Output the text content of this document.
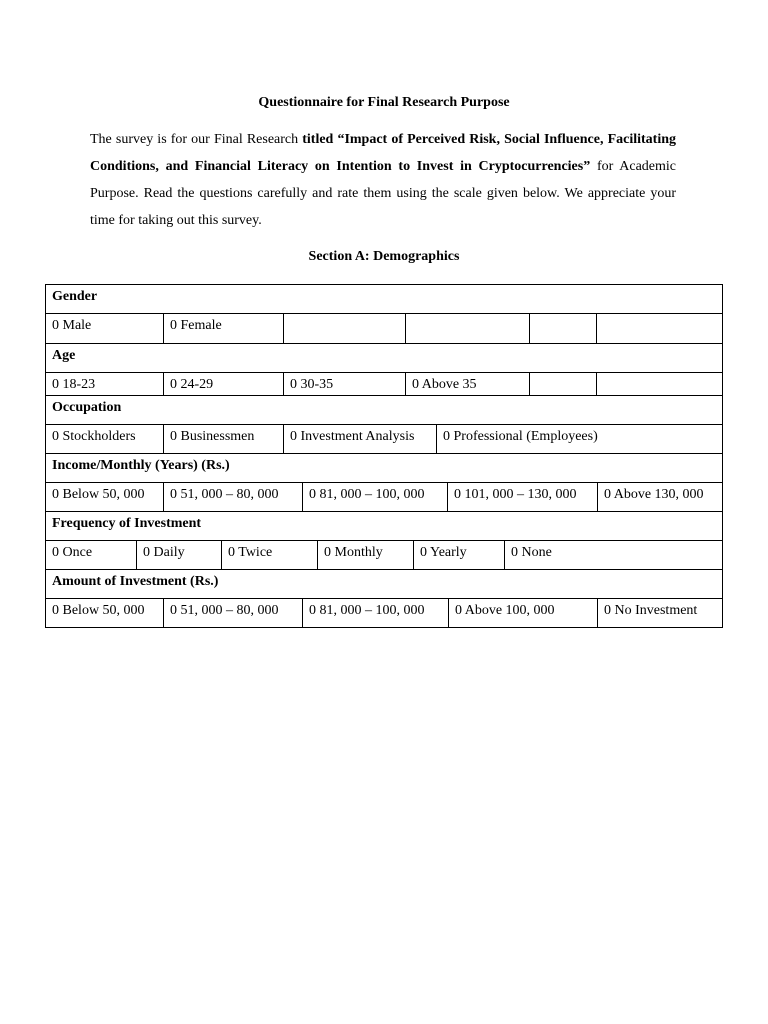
Questionnaire for Final Research Purpose

The survey is for our Final Research titled “Impact of Perceived Risk, Social Influence, Facilitating Conditions, and Financial Literacy on Intention to Invest in Cryptocurrencies” for Academic Purpose. Read the questions carefully and rate them using the scale given below. We appreciate your time for taking out this survey.

Section A: Demographics
Gender
0 Male	0 Female
Age
0 18-23	0 24-29	0 30-35	0 Above 35
Occupation
0 Stockholders	0 Businessmen	0 Investment Analysis	0 Professional (Employees)
Income/Monthly (Years) (Rs.)
0 Below 50, 000	0 51, 000 – 80, 000	0 81, 000 – 100, 000	0 101, 000 – 130, 000	0 Above 130, 000
Frequency of Investment
0 Once	0 Daily	0 Twice	0 Monthly	0 Yearly	0 None
Amount of Investment (Rs.)
0 Below 50, 000	0 51, 000 – 80, 000	0 81, 000 – 100, 000	0 Above 100, 000	0 No Investment
